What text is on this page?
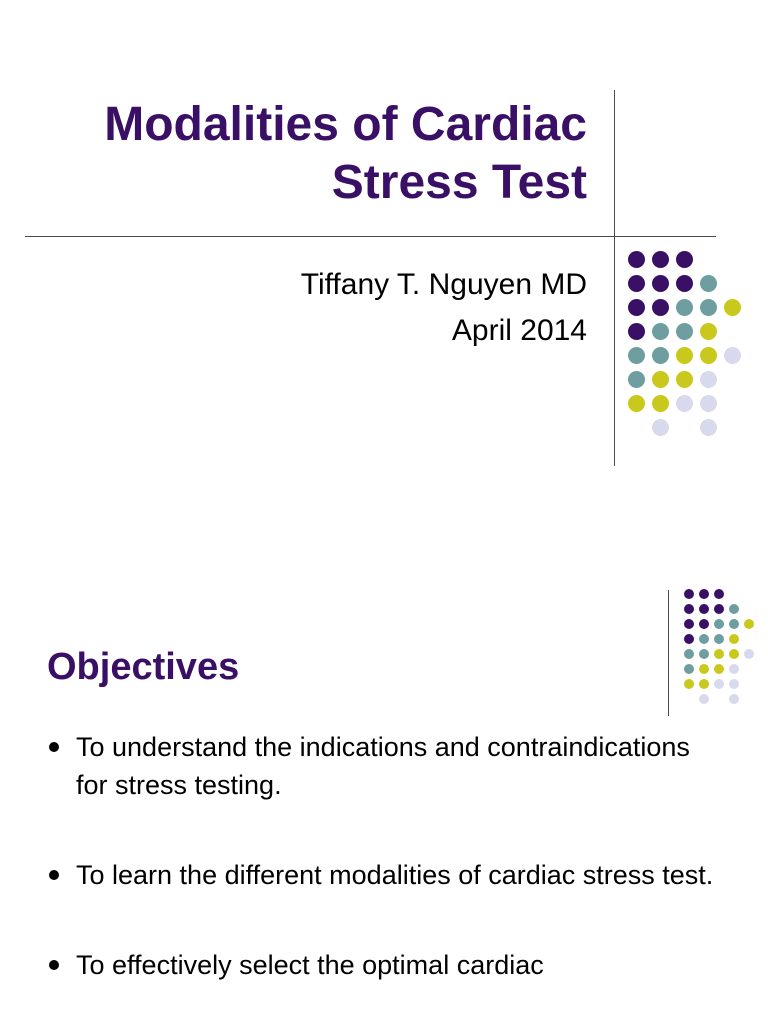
Modalities of Cardiac
Stress Test
Tiffany T. Nguyen MD
April 2014
Objectives
To understand the indications and contraindications for stress testing.
To learn the different modalities of cardiac stress test.
To effectively select the optimal cardiac
